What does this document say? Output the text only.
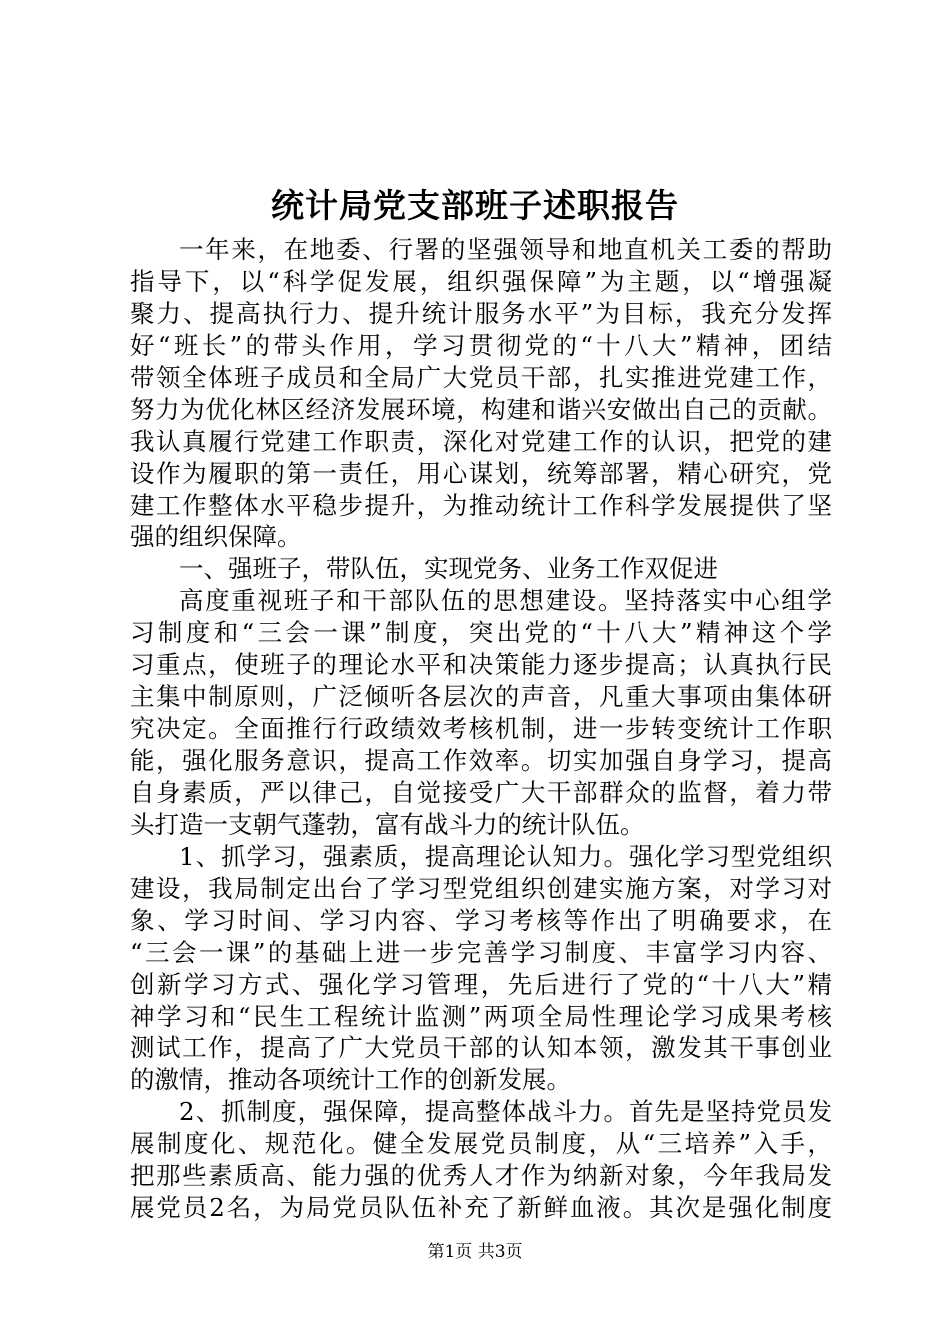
统计局党支部班子述职报告
一年来，在地委、行署的坚强领导和地直机关工委的帮助
指导下，以“科学促发展，组织强保障”为主题，以“增强凝
聚力、提高执行力、提升统计服务水平”为目标，我充分发挥
好“班长”的带头作用，学习贯彻党的“十八大”精神，团结
带领全体班子成员和全局广大党员干部，扎实推进党建工作，
努力为优化林区经济发展环境，构建和谐兴安做出自己的贡献。
我认真履行党建工作职责，深化对党建工作的认识，把党的建
设作为履职的第一责任，用心谋划，统筹部署，精心研究，党
建工作整体水平稳步提升，为推动统计工作科学发展提供了坚
强的组织保障。
一、强班子，带队伍，实现党务、业务工作双促进
高度重视班子和干部队伍的思想建设。坚持落实中心组学
习制度和“三会一课”制度，突出党的“十八大”精神这个学
习重点，使班子的理论水平和决策能力逐步提高；认真执行民
主集中制原则，广泛倾听各层次的声音，凡重大事项由集体研
究决定。全面推行行政绩效考核机制，进一步转变统计工作职
能，强化服务意识，提高工作效率。切实加强自身学习，提高
自身素质，严以律己，自觉接受广大干部群众的监督，着力带
头打造一支朝气蓬勃，富有战斗力的统计队伍。
1、抓学习，强素质，提高理论认知力。强化学习型党组织
建设，我局制定出台了学习型党组织创建实施方案，对学习对
象、学习时间、学习内容、学习考核等作出了明确要求，在
“三会一课”的基础上进一步完善学习制度、丰富学习内容、
创新学习方式、强化学习管理，先后进行了党的“十八大”精
神学习和“民生工程统计监测”两项全局性理论学习成果考核
测试工作，提高了广大党员干部的认知本领，激发其干事创业
的激情，推动各项统计工作的创新发展。
2、抓制度，强保障，提高整体战斗力。首先是坚持党员发
展制度化、规范化。健全发展党员制度，从“三培养”入手，
把那些素质高、能力强的优秀人才作为纳新对象，今年我局发
展党员2名，为局党员队伍补充了新鲜血液。其次是强化制度
第1页 共3页
